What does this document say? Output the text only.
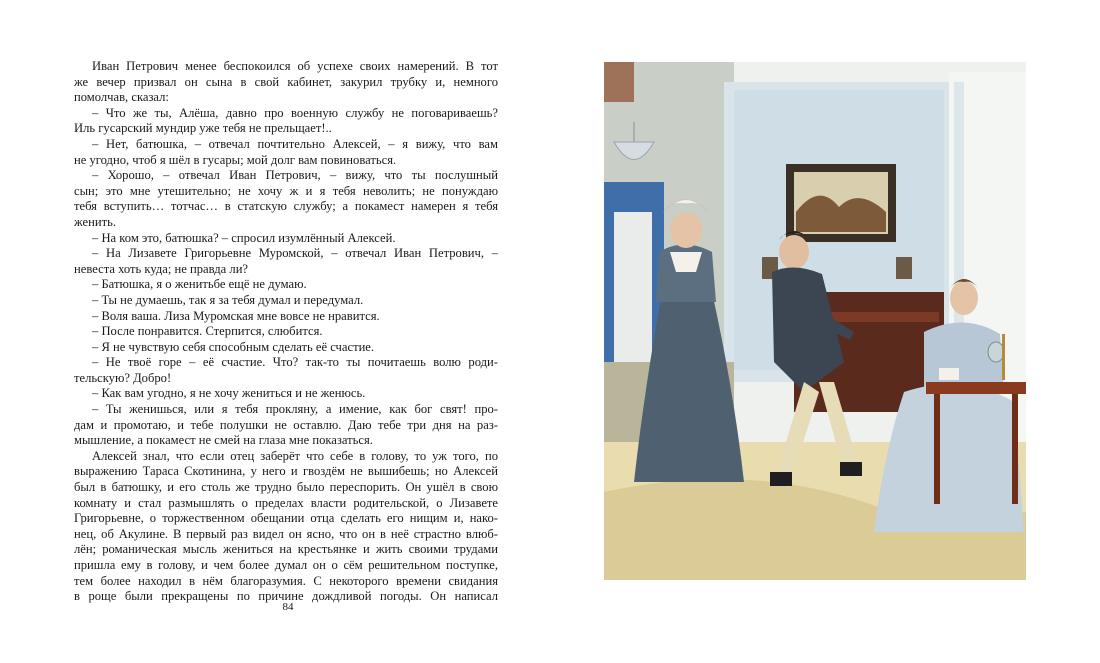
Иван Петрович менее беспокоился об успехе своих намерений. В тот

же вечер призвал он сына в свой кабинет, закурил трубку и, немного

помолчав, сказал:

– Что же ты, Алёша, давно про военную службу не поговариваешь?

Иль гусарский мундир уже тебя не прельщает!..

– Нет, батюшка, – отвечал почтительно Алексей, – я вижу, что вам

не угодно, чтоб я шёл в гусары; мой долг вам повиноваться.

– Хорошо, – отвечал Иван Петрович, – вижу, что ты послушный

сын; это мне утешительно; не хочу ж и я тебя неволить; не понуждаю

тебя вступить… тотчас… в статскую службу; а покамест намерен я тебя

женить.

– На ком это, батюшка? – спросил изумлённый Алексей.

– На Лизавете Григорьевне Муромской, – отвечал Иван Петрович, –

невеста хоть куда; не правда ли?

– Батюшка, я о женитьбе ещё не думаю.

– Ты не думаешь, так я за тебя думал и передумал.

– Воля ваша. Лиза Муромская мне вовсе не нравится.

– После понравится. Стерпится, слюбится.

– Я не чувствую себя способным сделать её счастие.

– Не твоё горе – её счастие. Что? так-то ты почитаешь волю роди-

тельскую? Добро!

– Как вам угодно, я не хочу жениться и не женюсь.

– Ты женишься, или я тебя прокляну, а имение, как бог свят! про-

дам и промотаю, и тебе полушки не оставлю. Даю тебе три дня на раз-

мышление, а покамест не смей на глаза мне показаться.

Алексей знал, что если отец заберёт что себе в голову, то уж того, по

выражению Тараса Скотинина, у него и гвоздём не вышибешь; но Алексей

был в батюшку, и его столь же трудно было переспорить. Он ушёл в свою

комнату и стал размышлять о пределах власти родительской, о Лизавете

Григорьевне, о торжественном обещании отца сделать его нищим и, нако-

нец, об Акулине. В первый раз видел он ясно, что он в неё страстно влюб-

лён; романическая мысль жениться на крестьянке и жить своими трудами

пришла ему в голову, и чем более думал он о сём решительном поступке,

тем более находил в нём благоразумия. С некоторого времени свидания

в роще были прекращены по причине дождливой погоды. Он написал

84
